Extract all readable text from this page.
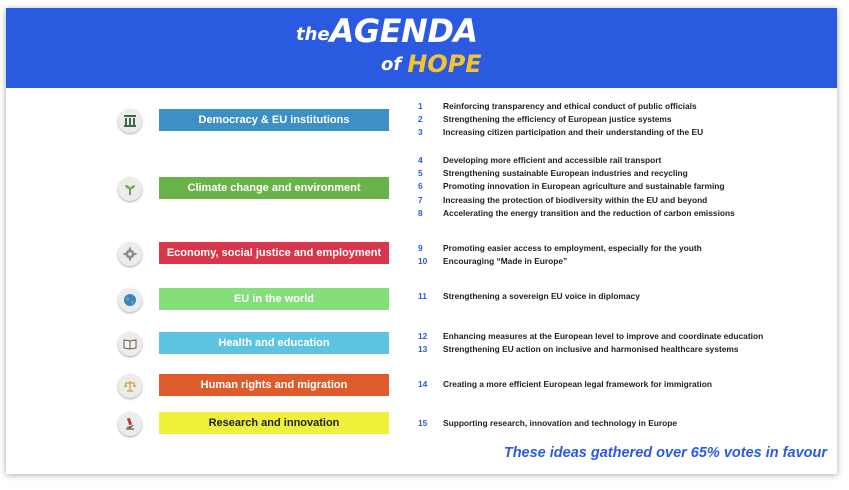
theAGENDA
of HOPE
Democracy & EU institutions
1	Reinforcing transparency and ethical conduct of public officials
2	Strengthening the efficiency of European justice systems
3	Increasing citizen participation and their understanding of the EU
Climate change and environment
4	Developing more efficient and accessible rail transport
5	Strengthening sustainable European industries and recycling
6	Promoting innovation in European agriculture and sustainable farming
7	Increasing the protection of biodiversity within the EU and beyond
8	Accelerating the energy transition and the reduction of carbon emissions
Economy, social justice and employment	9	Promoting easier access to employment, especially for the youth
10	Encouraging “Made in Europe”
EU in the world	11	Strengthening a sovereign EU voice in diplomacy
Health and education
12	Enhancing measures at the European level to improve and coordinate education
13	Strengthening EU action on inclusive and harmonised healthcare systems
Human rights and migration	14	Creating a more efficient European legal framework for immigration
Research and innovation	15	Supporting research, innovation and technology in Europe
These ideas gathered over 65% votes in favour
